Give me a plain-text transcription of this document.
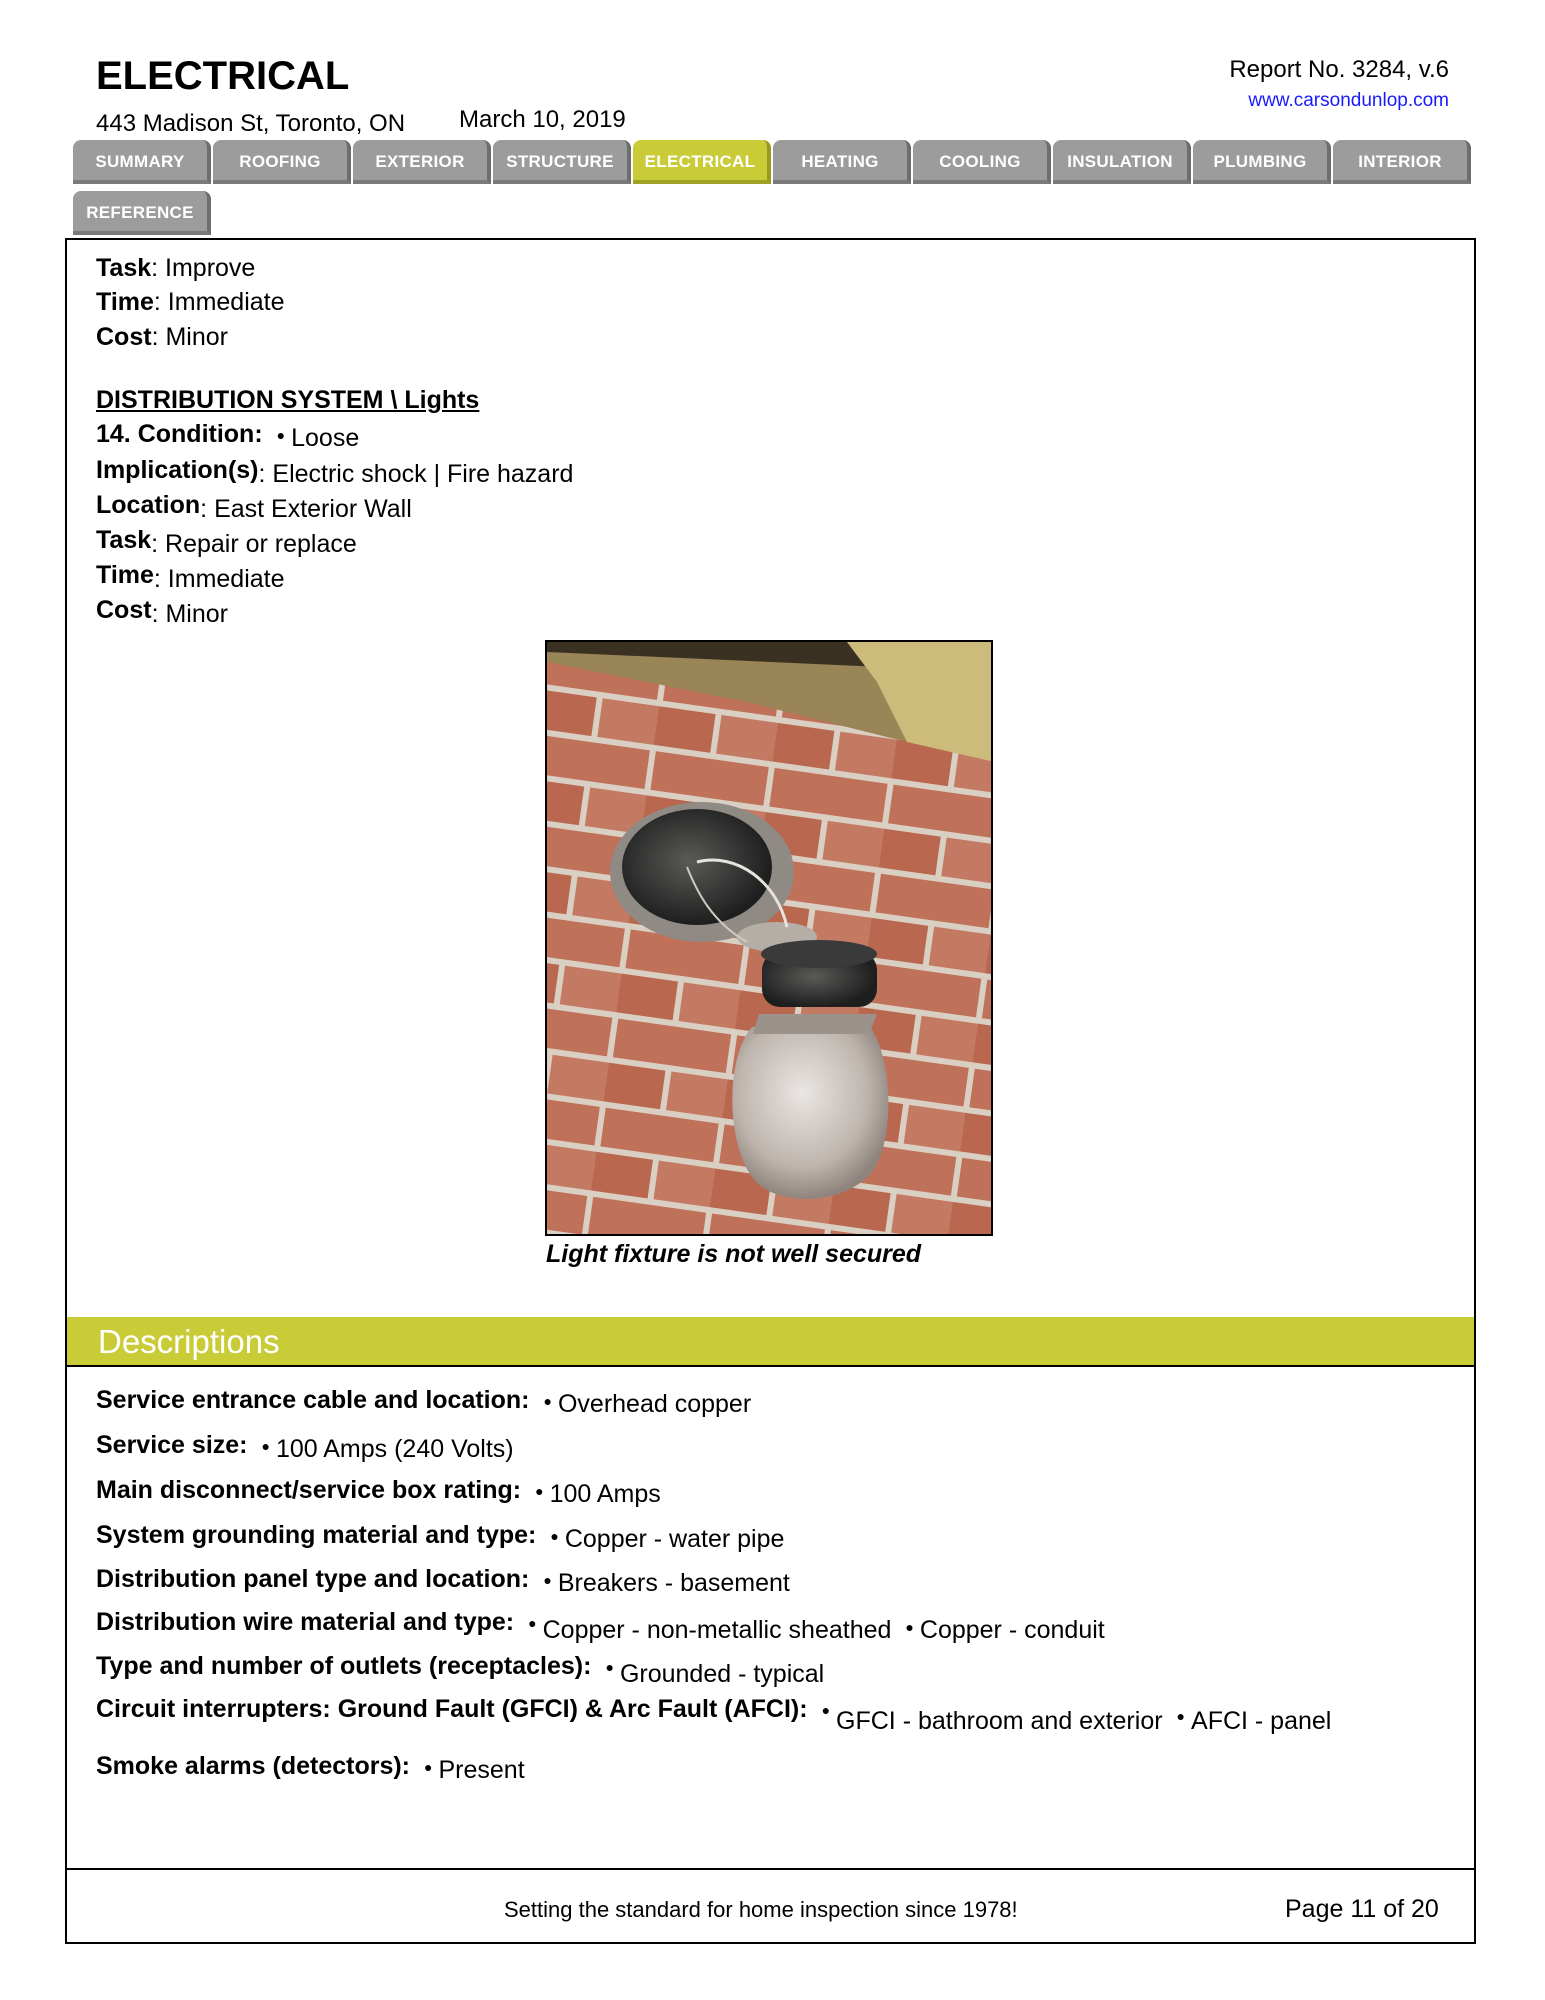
ELECTRICAL
443 Madison St, Toronto, ON March 10, 2019
Report No. 3284, v.6
www.carsondunlop.com
SUMMARY	ROOFING	EXTERIOR	STRUCTURE	ELECTRICAL	HEATING	COOLING	INSULATION	PLUMBING	INTERIOR
REFERENCE
Task: Improve
Time: Immediate
Cost: Minor
DISTRIBUTION SYSTEM \ Lights
14. Condition: ● Loose
Implication(s): Electric shock | Fire hazard
Location: East Exterior Wall
Task: Repair or replace
Time: Immediate
Cost: Minor
Light fixture is not well secured
Descriptions
Service entrance cable and location: ● Overhead copper
Service size: ● 100 Amps (240 Volts)
Main disconnect/service box rating: ● 100 Amps
System grounding material and type: ● Copper - water pipe
Distribution panel type and location: ● Breakers - basement
Distribution wire material and type: ● Copper - non-metallic sheathed ● Copper - conduit
Type and number of outlets (receptacles): ● Grounded - typical
Circuit interrupters: Ground Fault (GFCI) & Arc Fault (AFCI): ● GFCI - bathroom and exterior $_●$ AFCI - panel
Smoke alarms (detectors): ● Present
Setting the standard for home inspection since 1978!	Page 11 of 20
